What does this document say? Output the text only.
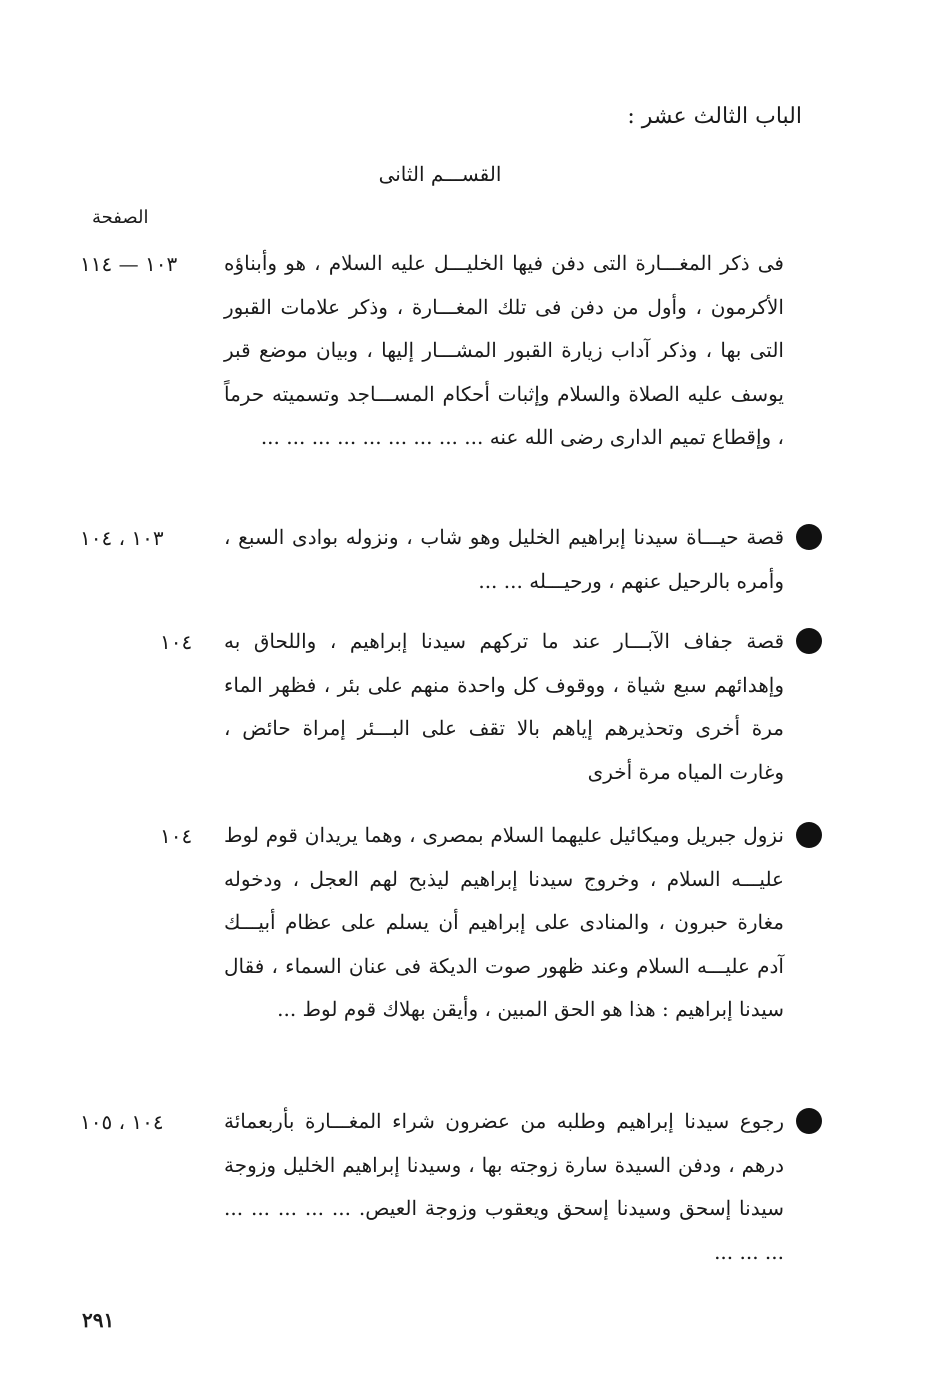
الباب الثالث عشر :
القســـم الثانى
الصفحة
فى ذكر المغـــارة التى دفن فيها الخليـــل عليه السلام ، هو وأبناؤه الأكرمون ، وأول من دفن فى تلك المغـــارة ، وذكر علامات القبور التى بها ، وذكر آداب زيارة القبور المشـــار إليها ، وبيان موضع قبر يوسف عليه الصلاة والسلام وإثبات أحكام المســـاجد وتسميته حرماً ، وإقطاع تميم الدارى رضى الله عنه ... ... ... ... ... ... ... ... ...
١٠٣ — ١١٤
قصة حيـــاة سيدنا إبراهيم الخليل وهو شاب ، ونزوله بوادى السبع ، وأمره بالرحيل عنهم ، ورحيـــله ... ...
١٠٣ ، ١٠٤
قصة جفاف الآبـــار عند ما تركهم سيدنا إبراهيم ، واللحاق به وإهدائهم سبع شياة ، ووقوف كل واحدة منهم على بئر ، فظهر الماء مرة أخرى وتحذيرهم إياهم بالا تقف على البـــئر إمراة حائض ، وغارت المياه مرة أخرى
١٠٤
نزول جبريل وميكائيل عليهما السلام بمصرى ، وهما يريدان قوم لوط عليـــه السلام ، وخروج سيدنا إبراهيم ليذبح لهم العجل ، ودخوله مغارة حبرون ، والمنادى على إبراهيم أن يسلم على عظام أبيـــك آدم عليـــه السلام وعند ظهور صوت الديكة فى عنان السماء ، فقال سيدنا إبراهيم : هذا هو الحق المبين ، وأيقن بهلاك قوم لوط ...
١٠٤
رجوع سيدنا إبراهيم وطلبه من عضرون شراء المغـــارة بأربعمائة درهم ، ودفن السيدة سارة زوجته بها ، وسيدنا إبراهيم الخليل وزوجة سيدنا إسحق وسيدنا إسحق ويعقوب وزوجة العيص. ... ... ... ... ... ... ... ...
١٠٤ ، ١٠٥
٢٩١
